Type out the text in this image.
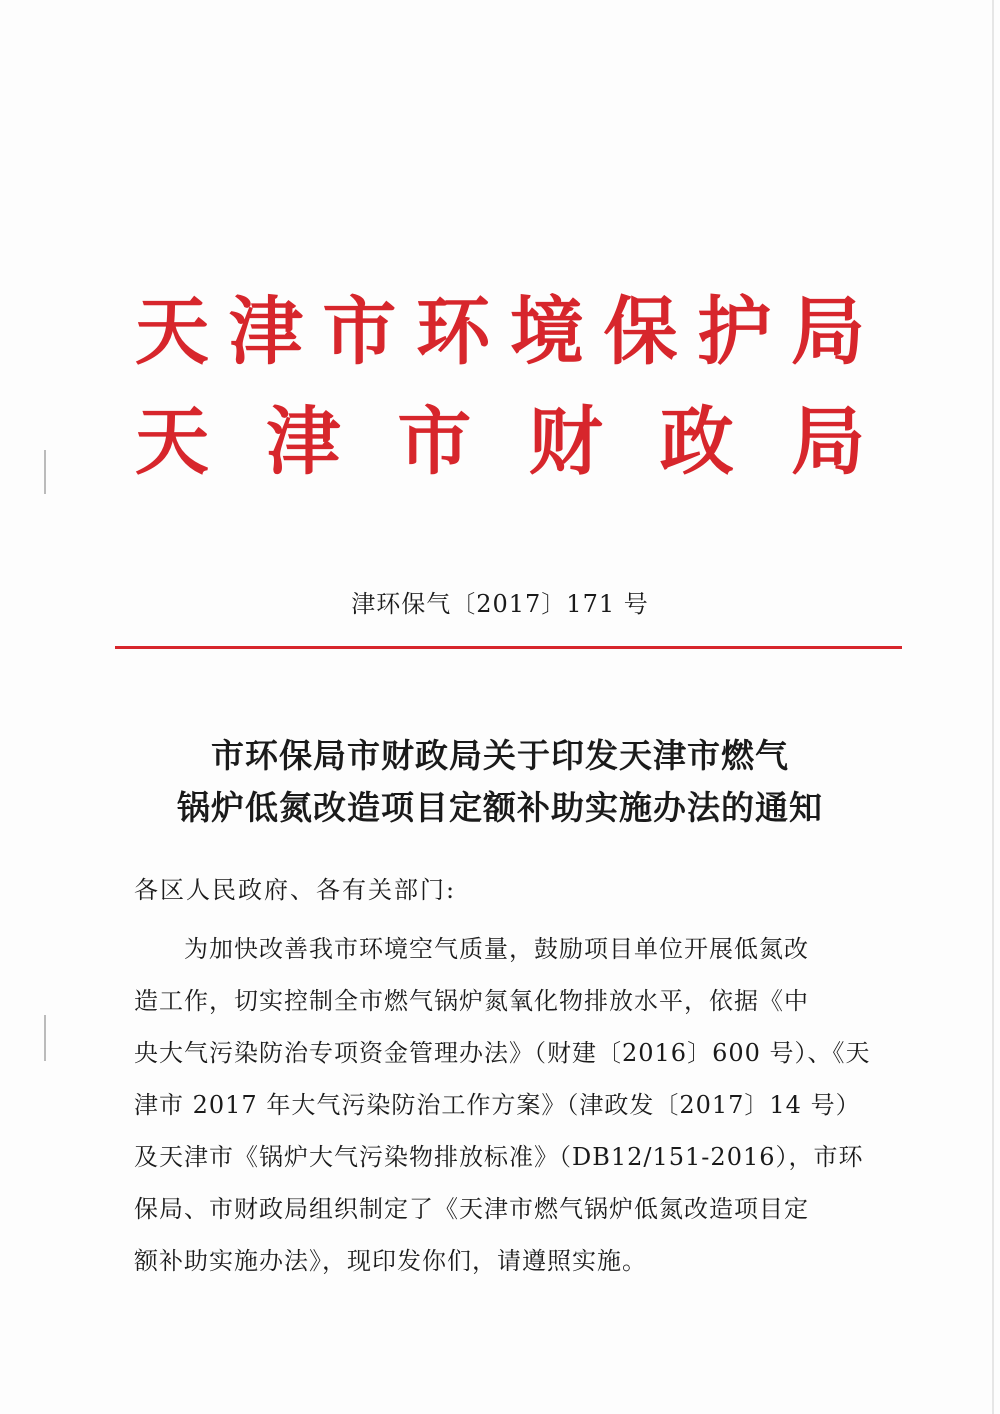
天 津 市 环 境 保 护 局
天 津 市 财 政 局
津环保气〔2017〕171 号
市环保局市财政局关于印发天津市燃气
锅炉低氮改造项目定额补助实施办法的通知
各区人民政府、各有关部门:
为加快改善我市环境空气质量，鼓励项目单位开展低氮改
造工作，切实控制全市燃气锅炉氮氧化物排放水平，依据《中
央大气污染防治专项资金管理办法》（财建〔2016〕600 号）、《天
津市 2017 年大气污染防治工作方案》（津政发〔2017〕14 号）
及天津市《锅炉大气污染物排放标准》（DB12/151-2016），市环
保局、市财政局组织制定了《天津市燃气锅炉低氮改造项目定
额补助实施办法》，现印发你们，请遵照实施。
